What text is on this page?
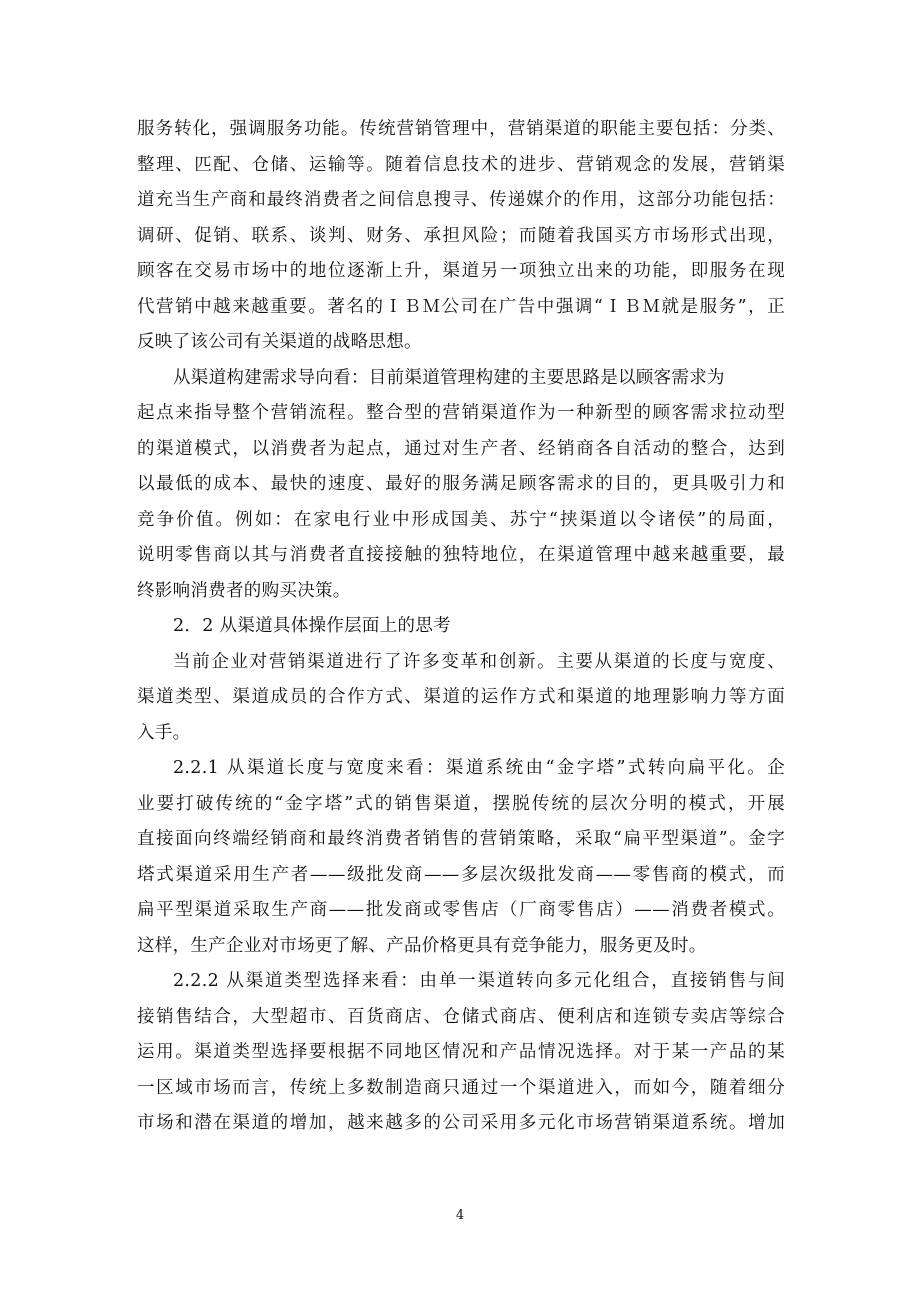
服务转化，强调服务功能。传统营销管理中，营销渠道的职能主要包括：分类、
整理、匹配、仓储、运输等。随着信息技术的进步、营销观念的发展，营销渠
道充当生产商和最终消费者之间信息搜寻、传递媒介的作用，这部分功能包括：
调研、促销、联系、谈判、财务、承担风险；而随着我国买方市场形式出现，
顾客在交易市场中的地位逐渐上升，渠道另一项独立出来的功能，即服务在现
代营销中越来越重要。著名的ＩＢＭ公司在广告中强调“ＩＢＭ就是服务”，正
反映了该公司有关渠道的战略思想。
从渠道构建需求导向看：目前渠道管理构建的主要思路是以顾客需求为
起点来指导整个营销流程。整合型的营销渠道作为一种新型的顾客需求拉动型
的渠道模式，以消费者为起点，通过对生产者、经销商各自活动的整合，达到
以最低的成本、最快的速度、最好的服务满足顾客需求的目的，更具吸引力和
竞争价值。例如：在家电行业中形成国美、苏宁“挟渠道以令诸侯”的局面，
说明零售商以其与消费者直接接触的独特地位，在渠道管理中越来越重要，最
终影响消费者的购买决策。
2．2 从渠道具体操作层面上的思考
当前企业对营销渠道进行了许多变革和创新。主要从渠道的长度与宽度、
渠道类型、渠道成员的合作方式、渠道的运作方式和渠道的地理影响力等方面
入手。
2.2.1 从渠道长度与宽度来看：渠道系统由“金字塔”式转向扁平化。企
业要打破传统的“金字塔”式的销售渠道，摆脱传统的层次分明的模式，开展
直接面向终端经销商和最终消费者销售的营销策略，采取“扁平型渠道”。金字
塔式渠道采用生产者——级批发商——多层次级批发商——零售商的模式，而
扁平型渠道采取生产商——批发商或零售店（厂商零售店）——消费者模式。
这样，生产企业对市场更了解、产品价格更具有竞争能力，服务更及时。
2.2.2 从渠道类型选择来看：由单一渠道转向多元化组合，直接销售与间
接销售结合，大型超市、百货商店、仓储式商店、便利店和连锁专卖店等综合
运用。渠道类型选择要根据不同地区情况和产品情况选择。对于某一产品的某
一区域市场而言，传统上多数制造商只通过一个渠道进入，而如今，随着细分
市场和潜在渠道的增加，越来越多的公司采用多元化市场营销渠道系统。增加
4
